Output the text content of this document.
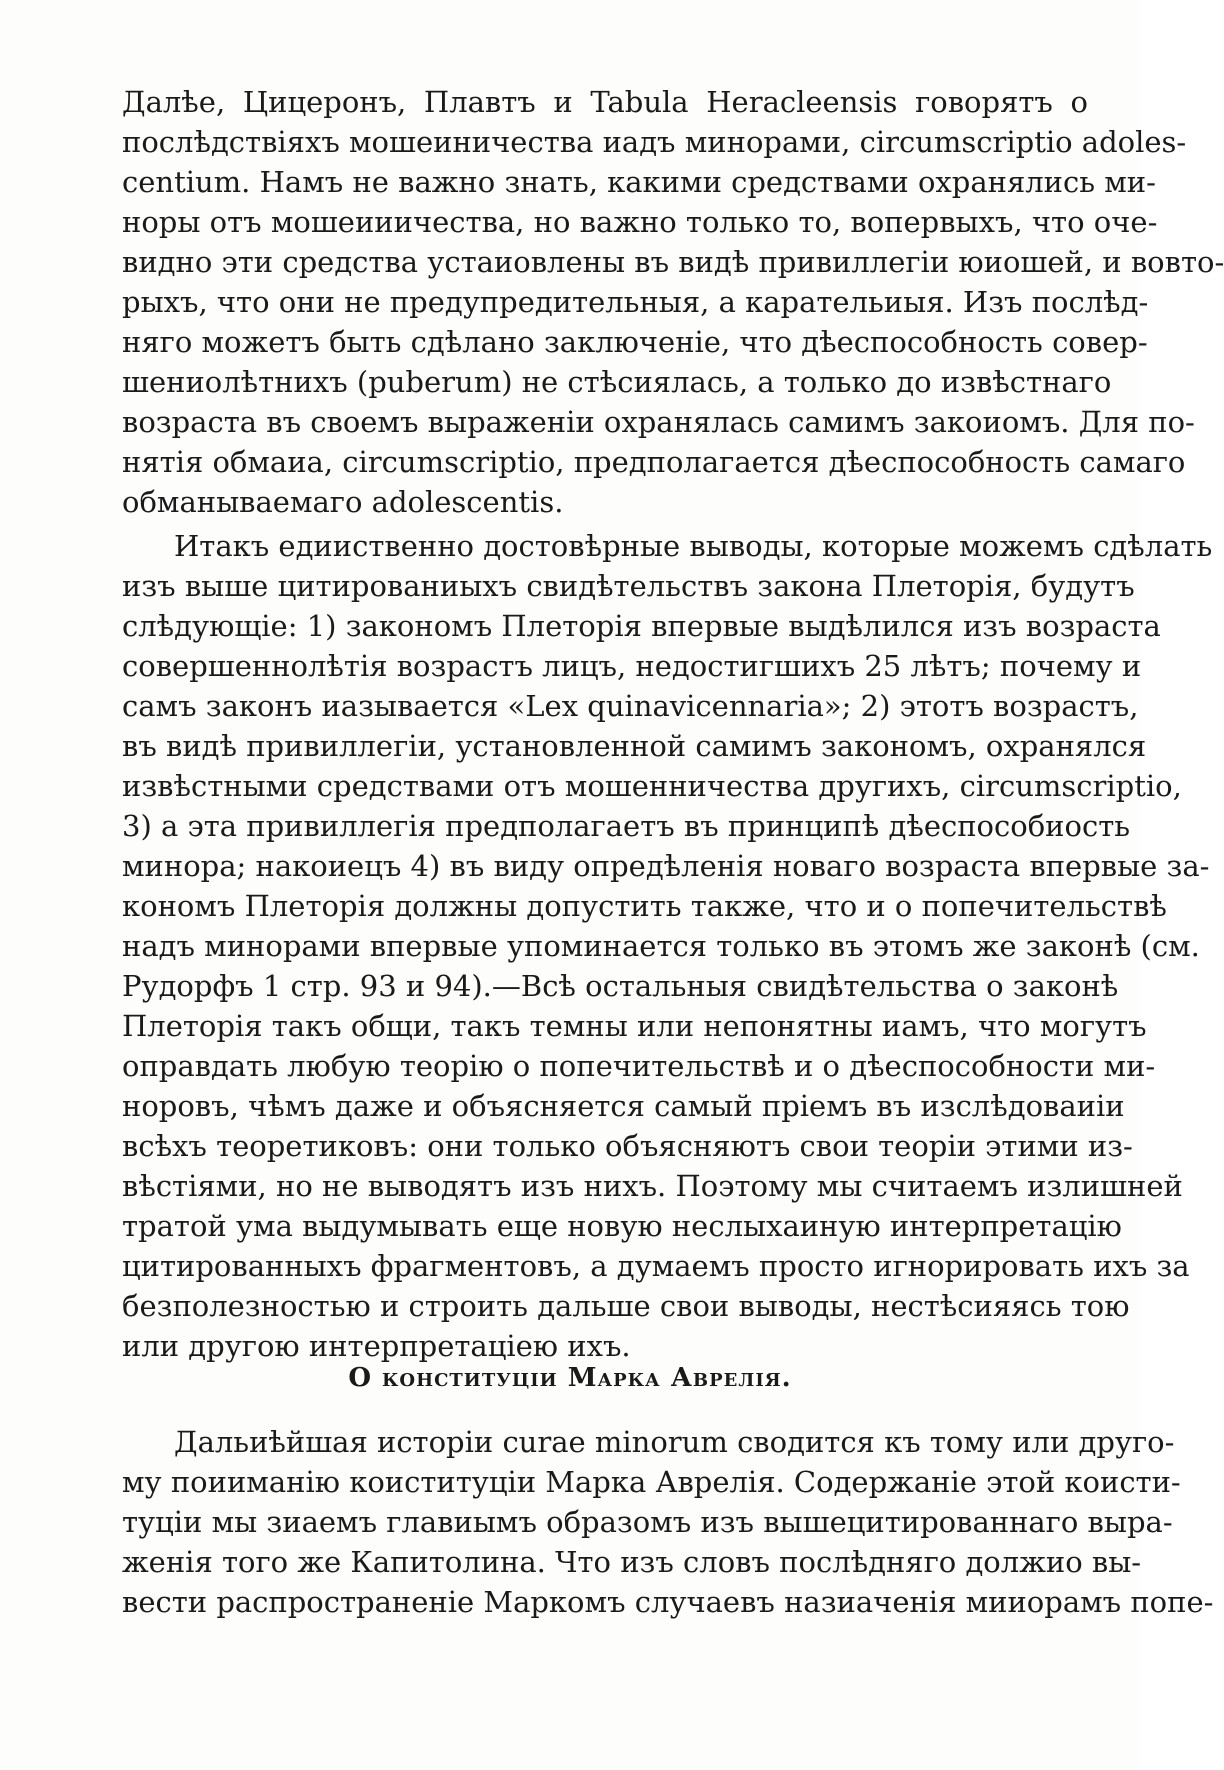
Далѣе, Цицеронъ, Плавтъ и Tabula Heracleensis говорятъ о
послѣдствіяхъ мошеиничества иадъ минорами, circumscriptio adoles-
centium. Намъ не важно знать, какими средствами охранялись ми-
норы отъ мошеииичества, но важно только то, вопервыхъ, что оче-
видно эти средства устаиовлены въ видѣ привиллегіи юиошей, и вовто-
рыхъ, что они не предупредительныя, а карательиыя. Изъ послѣд-
няго можетъ быть сдѣлано заключеніе, что дѣеспособность совер-
шениолѣтнихъ (puberum) не стѣсиялась, а только до извѣстнаго
возраста въ своемъ выраженіи охранялась самимъ закоиомъ. Для по-
нятія обмаиа, circumscriptio, предполагается дѣеспособность самаго
обманываемаго adolescentis.
Итакъ едииственно достовѣрные выводы, которые можемъ сдѣлать
изъ выше цитированиыхъ свидѣтельствъ закона Плеторія, будутъ
слѣдующіе: 1) закономъ Плеторія впервые выдѣлился изъ возраста
совершеннолѣтія возрастъ лицъ, недостигшихъ 25 лѣтъ; почему и
самъ законъ иазывается «Lex quinavicennaria»; 2) этотъ возрастъ,
въ видѣ привиллегіи, установленной самимъ закономъ, охранялся
извѣстными средствами отъ мошенничества другихъ, circumscriptio,
3) а эта привиллегія предполагаетъ въ принципѣ дѣеспособиость
минора; накоиецъ 4) въ виду опредѣленія новаго возраста впервые за-
кономъ Плеторія должны допустить также, что и о попечительствѣ
надъ минорами впервые упоминается только въ этомъ же законѣ (см.
Рудорфъ 1 стр. 93 и 94).—Всѣ остальныя свидѣтельства о законѣ
Плеторія такъ общи, такъ темны или непонятны иамъ, что могутъ
оправдать любую теорію о попечительствѣ и о дѣеспособности ми-
норовъ, чѣмъ даже и объясняется самый пріемъ въ изслѣдоваиіи
всѣхъ теоретиковъ: они только объясняютъ свои теоріи этими из-
вѣстіями, но не выводятъ изъ нихъ. Поэтому мы считаемъ излишней
тратой ума выдумывать еще новую неслыхаиную интерпретацію
цитированныхъ фрагментовъ, а думаемъ просто игнорировать ихъ за
безполезностью и строить дальше свои выводы, нестѣсияясь тою
или другою интерпретаціею ихъ.
О конституціи Марка Аврелія.
Дальиѣйшая исторіи curae minorum сводится къ тому или друго-
му поииманію коиституціи Марка Аврелія. Содержаніе этой коисти-
туціи мы зиаемъ главиымъ образомъ изъ вышецитированнаго выра-
женія того же Капитолина. Что изъ словъ послѣдняго должио вы-
вести распространеніе Маркомъ случаевъ назиаченія мииорамъ попе-
